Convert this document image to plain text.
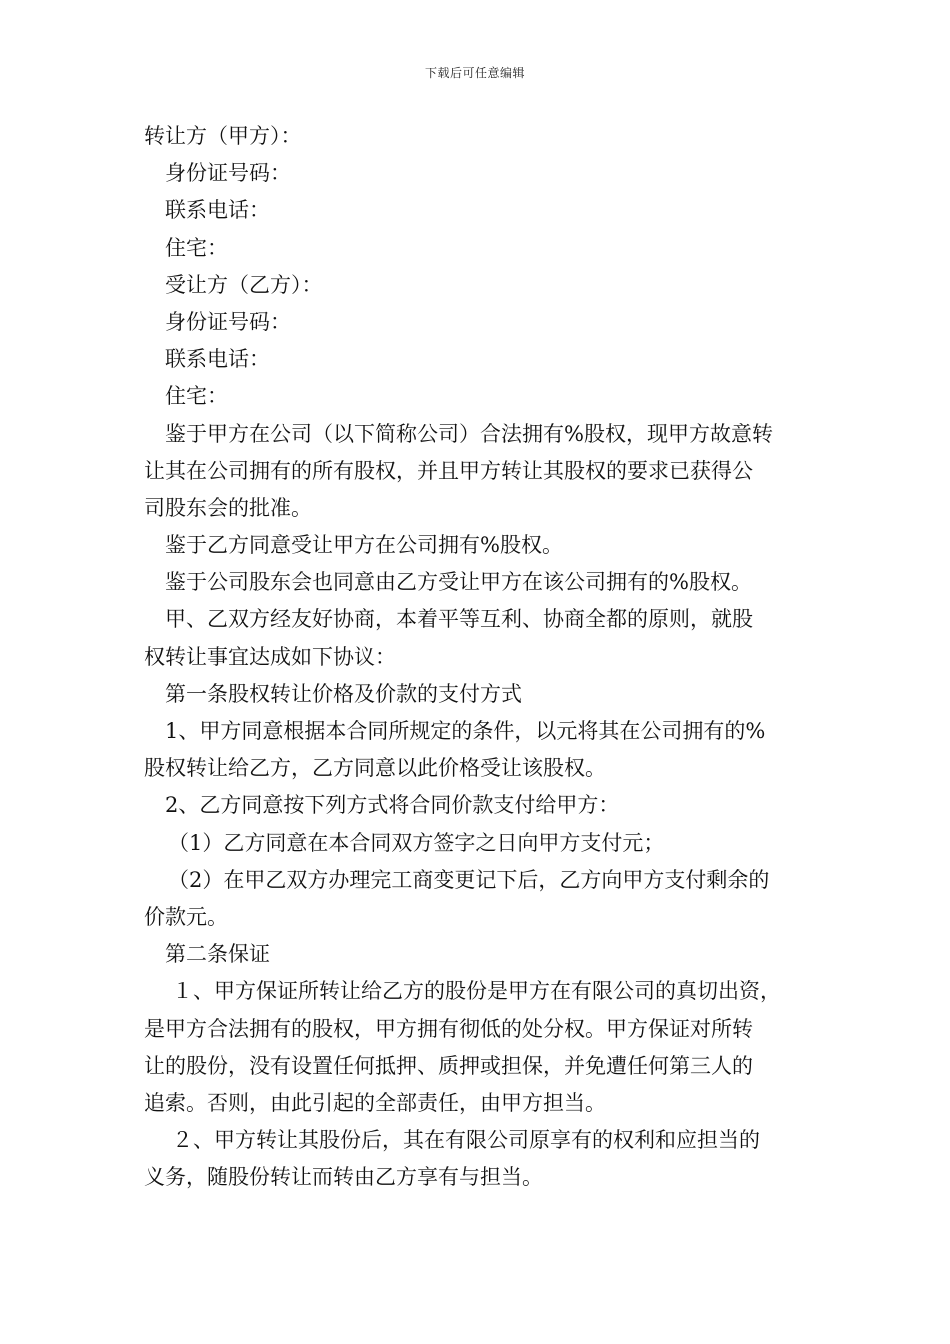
下载后可任意编辑
转让方（甲方）：
身份证号码：
联系电话：
住宅：
受让方（乙方）：
身份证号码：
联系电话：
住宅：
鉴于甲方在公司（以下简称公司）合法拥有%股权，现甲方故意转
让其在公司拥有的所有股权，并且甲方转让其股权的要求已获得公
司股东会的批准。
鉴于乙方同意受让甲方在公司拥有%股权。
鉴于公司股东会也同意由乙方受让甲方在该公司拥有的%股权。
甲、乙双方经友好协商，本着平等互利、协商全都的原则，就股
权转让事宜达成如下协议：
第一条股权转让价格及价款的支付方式
1、甲方同意根据本合同所规定的条件，以元将其在公司拥有的%
股权转让给乙方，乙方同意以此价格受让该股权。
2、乙方同意按下列方式将合同价款支付给甲方：
（1）乙方同意在本合同双方签字之日向甲方支付元；
（2）在甲乙双方办理完工商变更记下后，乙方向甲方支付剩余的
价款元。
第二条保证
１、甲方保证所转让给乙方的股份是甲方在有限公司的真切出资，
是甲方合法拥有的股权，甲方拥有彻低的处分权。甲方保证对所转
让的股份，没有设置任何抵押、质押或担保，并免遭任何第三人的
追索。否则，由此引起的全部责任，由甲方担当。
２、甲方转让其股份后，其在有限公司原享有的权利和应担当的
义务，随股份转让而转由乙方享有与担当。
